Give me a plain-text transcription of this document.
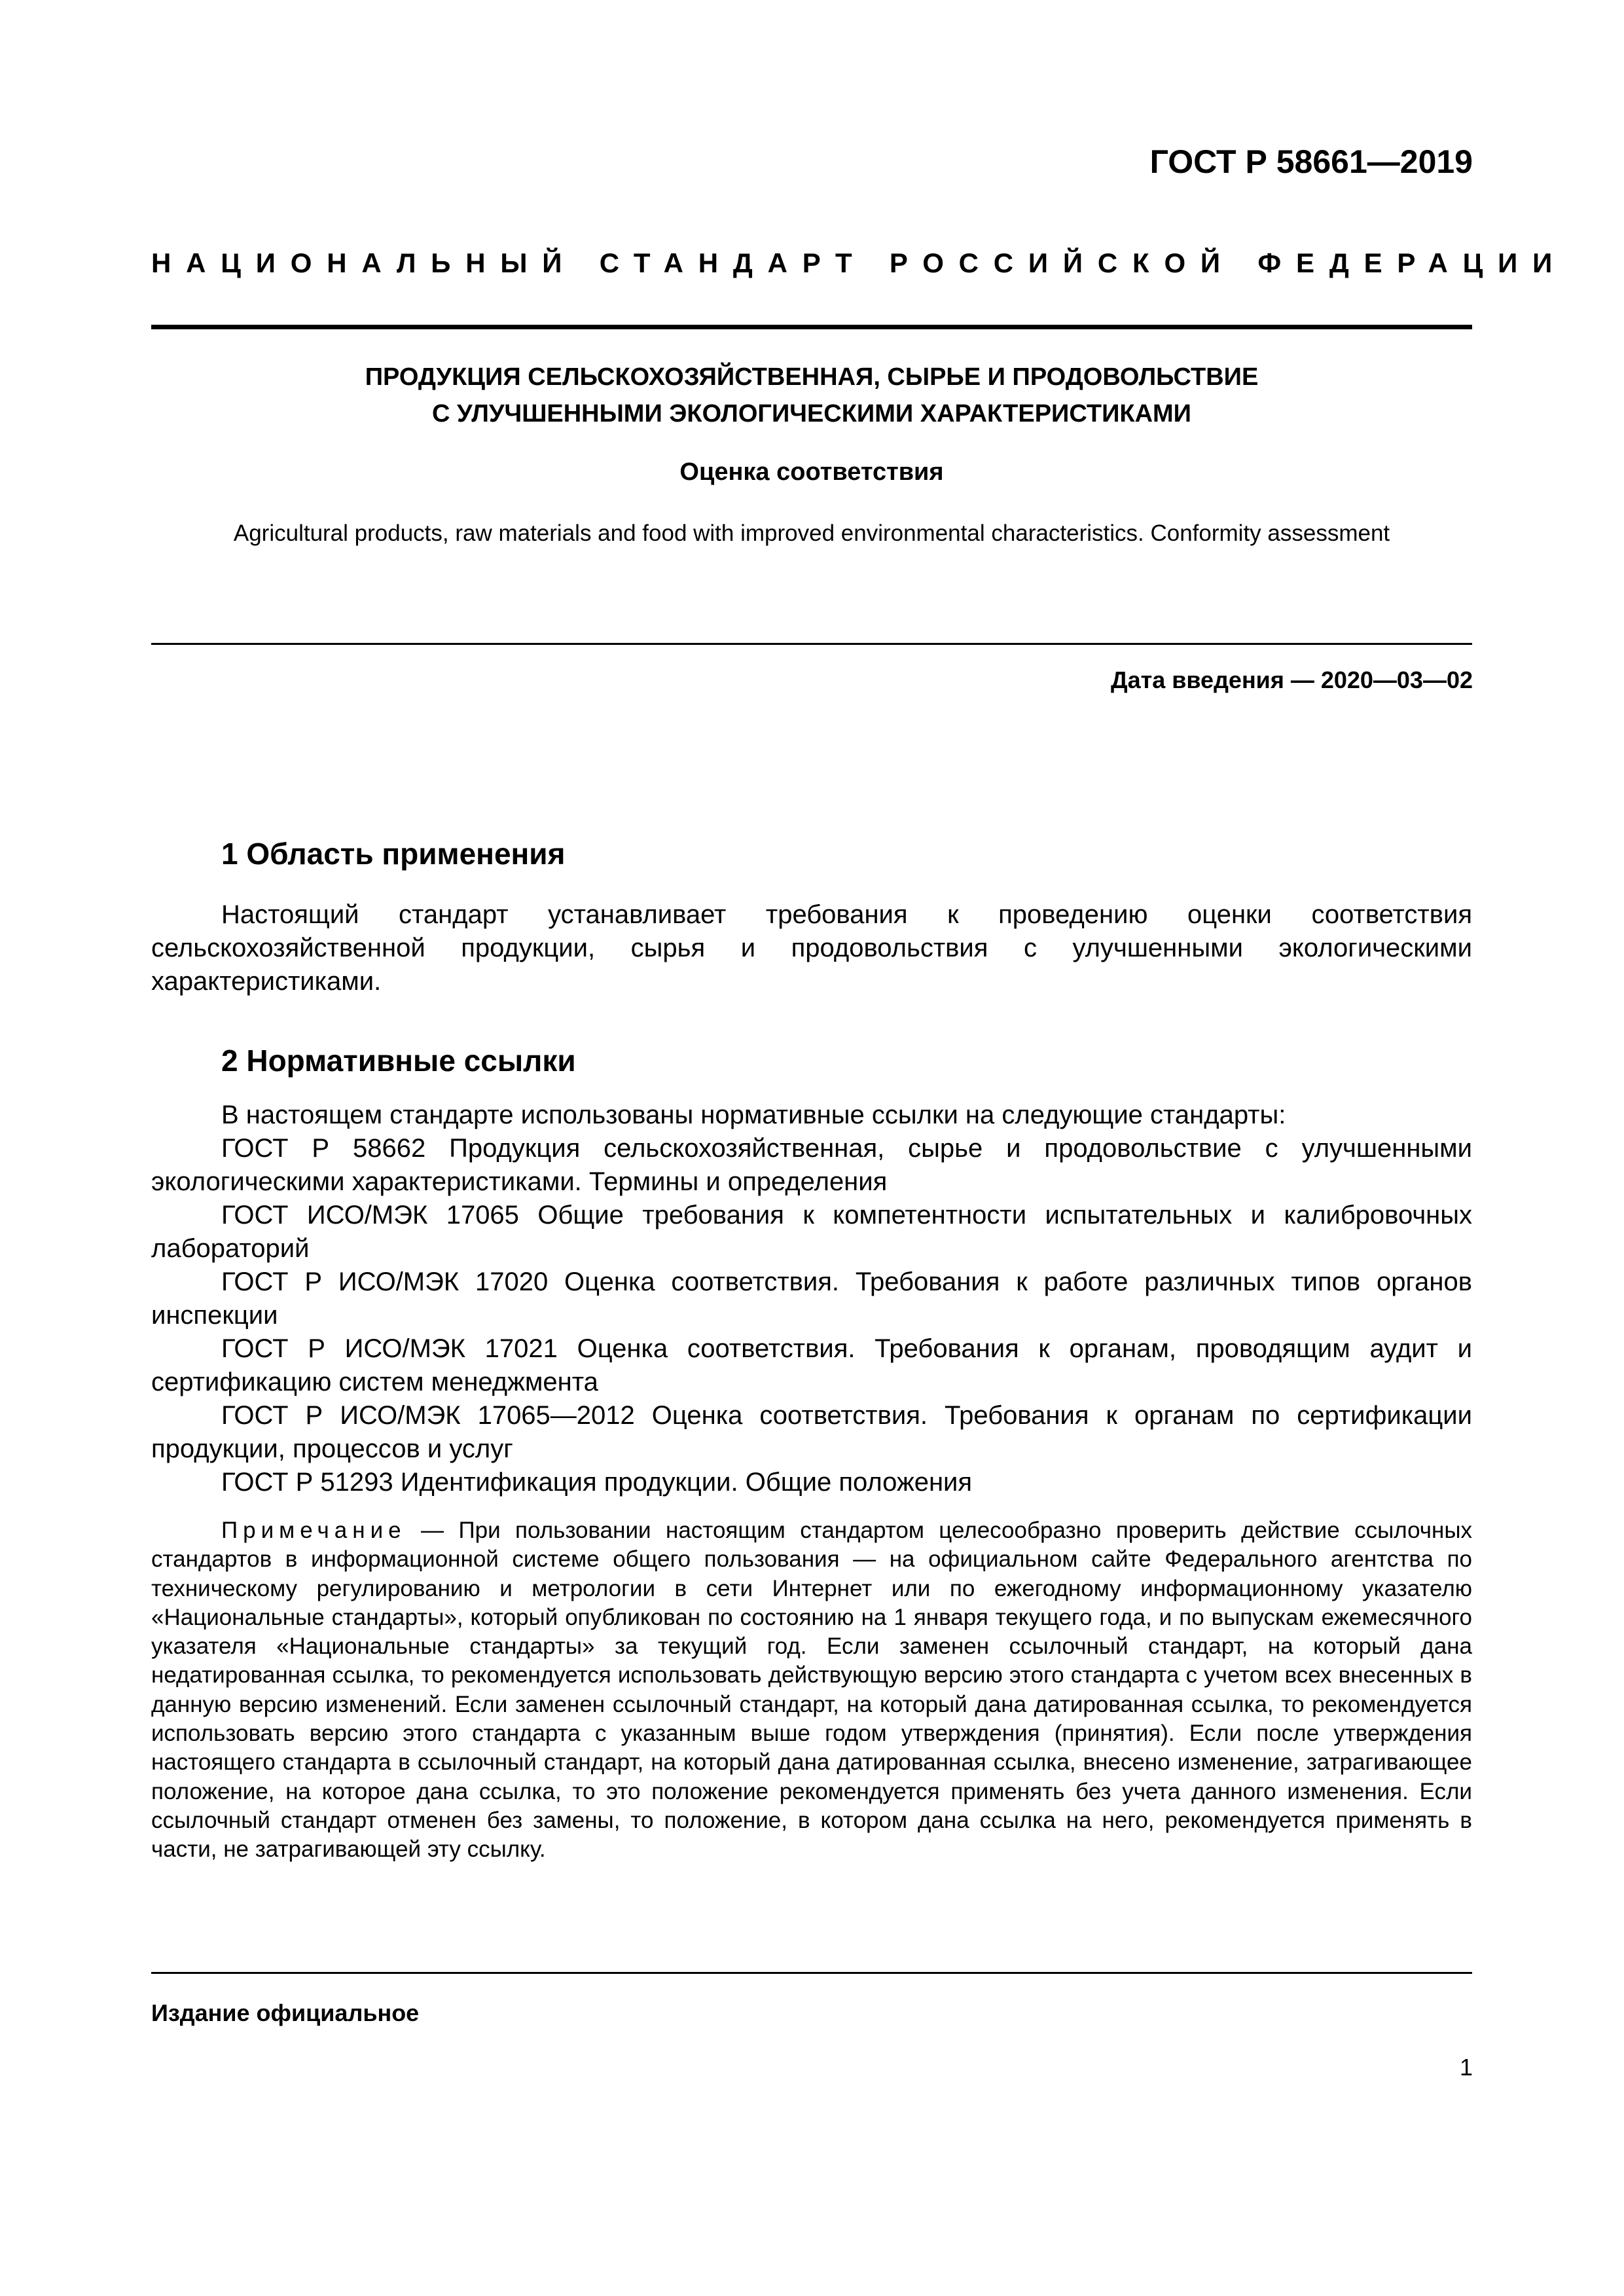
ГОСТ Р 58661—2019
НАЦИОНАЛЬНЫЙ СТАНДАРТ РОССИЙСКОЙ ФЕДЕРАЦИИ
ПРОДУКЦИЯ СЕЛЬСКОХОЗЯЙСТВЕННАЯ, СЫРЬЕ И ПРОДОВОЛЬСТВИЕ
С УЛУЧШЕННЫМИ ЭКОЛОГИЧЕСКИМИ ХАРАКТЕРИСТИКАМИ
Оценка соответствия
Agricultural products, raw materials and food with improved environmental characteristics. Conformity assessment
Дата введения — 2020—03—02
1 Область применения

Настоящий стандарт устанавливает требования к проведению оценки соответствия сельскохозяйственной продукции, сырья и продовольствия с улучшенными экологическими характеристиками.

2 Нормативные ссылки

В настоящем стандарте использованы нормативные ссылки на следующие стандарты:

ГОСТ Р 58662 Продукция сельскохозяйственная, сырье и продовольствие с улучшенными экологическими характеристиками. Термины и определения

ГОСТ ИСО/МЭК 17065 Общие требования к компетентности испытательных и калибровочных лабораторий

ГОСТ Р ИСО/МЭК 17020 Оценка соответствия. Требования к работе различных типов органов инспекции

ГОСТ Р ИСО/МЭК 17021 Оценка соответствия. Требования к органам, проводящим аудит и сертификацию систем менеджмента

ГОСТ Р ИСО/МЭК 17065—2012 Оценка соответствия. Требования к органам по сертификации продукции, процессов и услуг

ГОСТ Р 51293 Идентификация продукции. Общие положения

Примечание — При пользовании настоящим стандартом целесообразно проверить действие ссылочных стандартов в информационной системе общего пользования — на официальном сайте Федерального агентства по техническому регулированию и метрологии в сети Интернет или по ежегодному информационному указателю «Национальные стандарты», который опубликован по состоянию на 1 января текущего года, и по выпускам ежемесячного указателя «Национальные стандарты» за текущий год. Если заменен ссылочный стандарт, на который дана недатированная ссылка, то рекомендуется использовать действующую версию этого стандарта с учетом всех внесенных в данную версию изменений. Если заменен ссылочный стандарт, на который дана датированная ссылка, то рекомендуется использовать версию этого стандарта с указанным выше годом утверждения (принятия). Если после утверждения настоящего стандарта в ссылочный стандарт, на который дана датированная ссылка, внесено изменение, затрагивающее положение, на которое дана ссылка, то это положение рекомендуется применять без учета данного изменения. Если ссылочный стандарт отменен без замены, то положение, в котором дана ссылка на него, рекомендуется применять в части, не затрагивающей эту ссылку.

Издание официальное
1
